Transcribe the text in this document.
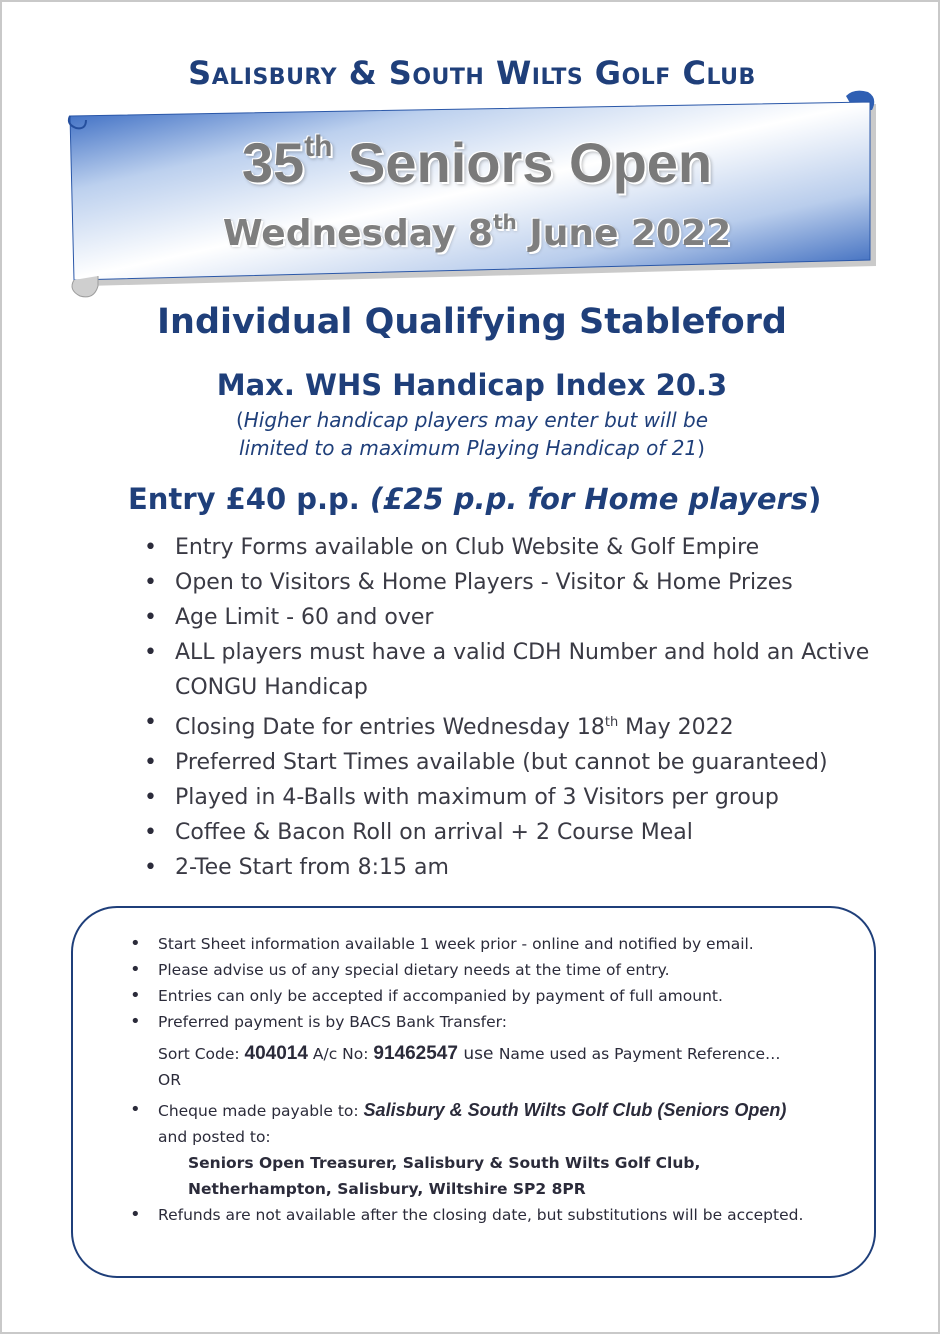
Salisbury & South Wilts Golf Club
35th Seniors Open
Wednesday 8th June 2022
Individual Qualifying Stableford
Max. WHS Handicap Index 20.3
(Higher handicap players may enter but will be
limited to a maximum Playing Handicap of 21)
Entry £40 p.p. (£25 p.p. for Home players)
• Entry Forms available on Club Website & Golf Empire
• Open to Visitors & Home Players - Visitor & Home Prizes
• Age Limit - 60 and over
• ALL players must have a valid CDH Number and hold an Active CONGU Handicap
• Closing Date for entries Wednesday 18th May 2022
• Preferred Start Times available (but cannot be guaranteed)
• Played in 4-Balls with maximum of 3 Visitors per group
• Coffee & Bacon Roll on arrival + 2 Course Meal
• 2-Tee Start from 8:15 am
• Start Sheet information available 1 week prior - online and notified by email.
• Please advise us of any special dietary needs at the time of entry.
• Entries can only be accepted if accompanied by payment of full amount.
• Preferred payment is by BACS Bank Transfer:
Sort Code: 404014 A/c No: 91462547 use Name used as Payment Reference…
OR
• Cheque made payable to: Salisbury & South Wilts Golf Club (Seniors Open)
and posted to:
Seniors Open Treasurer, Salisbury & South Wilts Golf Club,
Netherhampton, Salisbury, Wiltshire SP2 8PR
• Refunds are not available after the closing date, but substitutions will be accepted.
